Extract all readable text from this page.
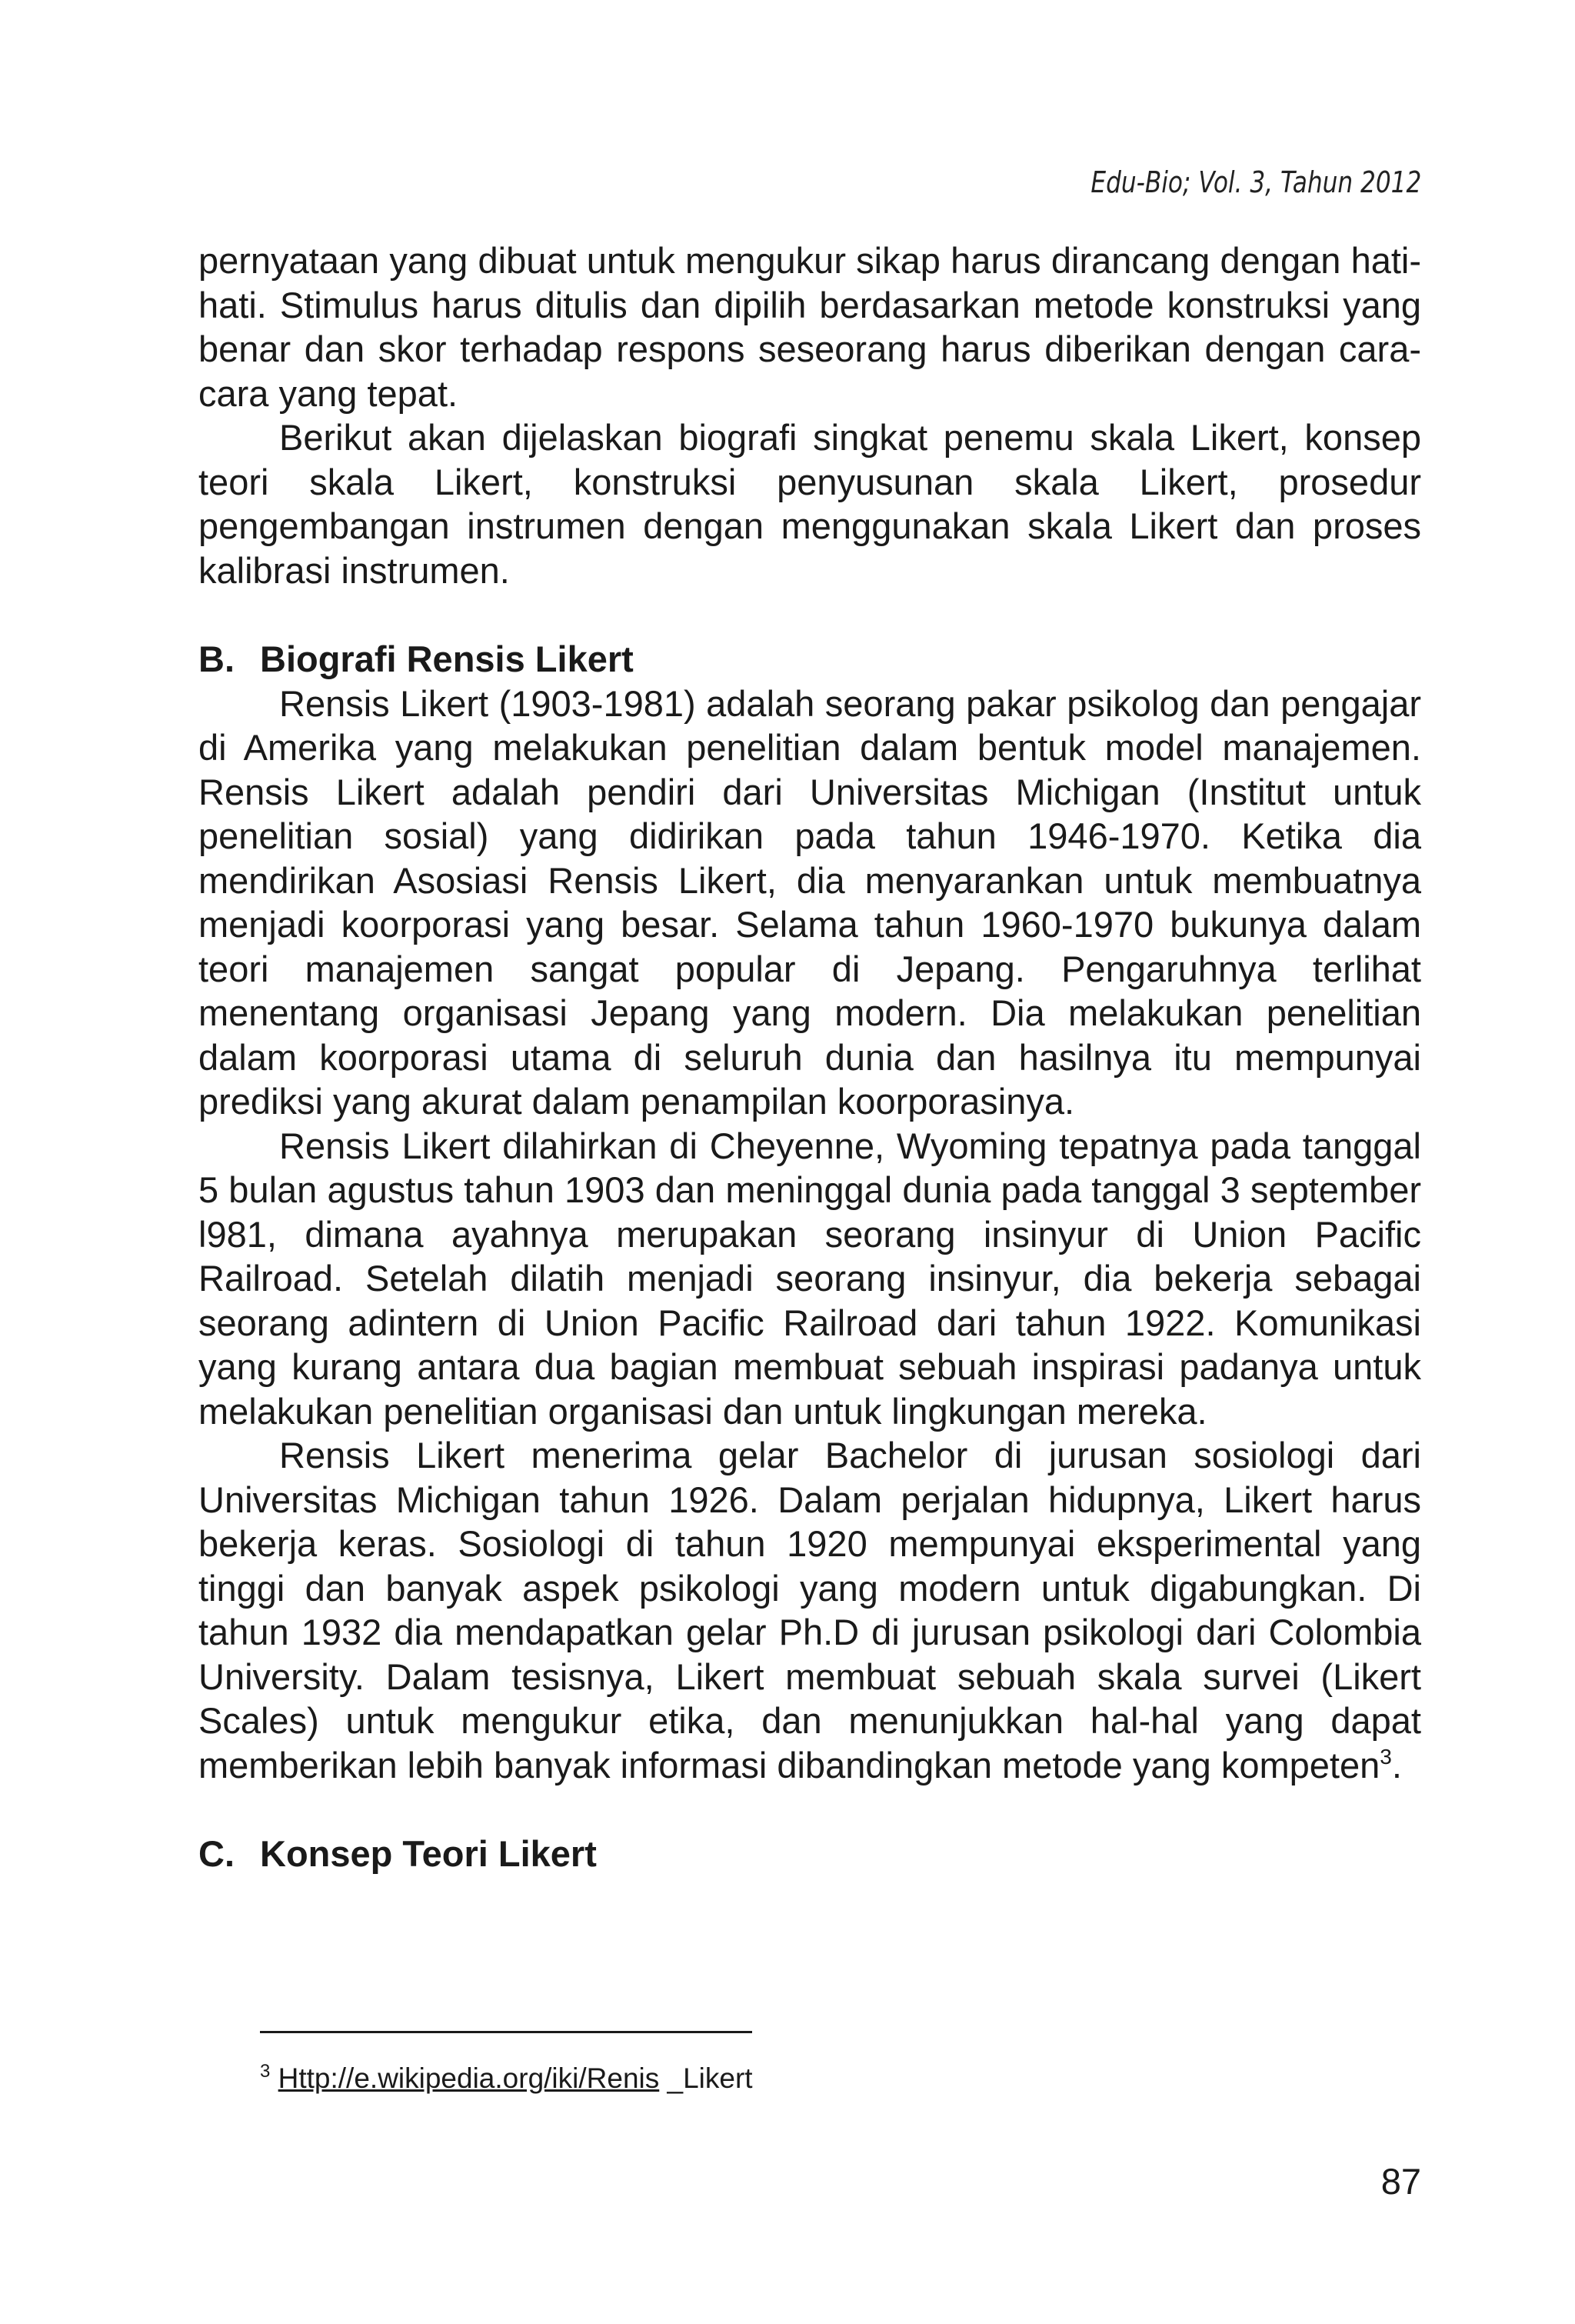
Edu-Bio; Vol. 3, Tahun 2012

pernyataan yang dibuat untuk mengukur sikap harus dirancang dengan hati-hati. Stimulus harus ditulis dan dipilih berdasarkan metode konstruksi yang benar dan skor terhadap respons seseorang harus diberikan dengan cara-cara yang tepat.

Berikut akan dijelaskan biografi singkat penemu skala Likert, konsep teori skala Likert, konstruksi penyusunan skala Likert, prosedur pengembangan instrumen dengan menggunakan skala Likert dan proses kalibrasi instrumen.

B. Biografi Rensis Likert

Rensis Likert (1903-1981) adalah seorang pakar psikolog dan pengajar di Amerika yang melakukan penelitian dalam bentuk model manajemen. Rensis Likert adalah pendiri dari Universitas Michigan (Institut untuk penelitian sosial) yang didirikan pada tahun 1946-1970. Ketika dia mendirikan Asosiasi Rensis Likert, dia menyarankan untuk membuatnya menjadi koorporasi yang besar. Selama tahun 1960-1970 bukunya dalam teori manajemen sangat popular di Jepang. Pengaruhnya terlihat menentang organisasi Jepang yang modern. Dia melakukan penelitian dalam koorporasi utama di seluruh dunia dan hasilnya itu mempunyai prediksi yang akurat dalam penampilan koorporasinya.

Rensis Likert dilahirkan di Cheyenne, Wyoming tepatnya pada tanggal 5 bulan agustus tahun 1903 dan meninggal dunia pada tanggal 3 september l981, dimana ayahnya merupakan seorang insinyur di Union Pacific Railroad. Setelah dilatih menjadi seorang insinyur, dia bekerja sebagai seorang adintern di Union Pacific Railroad dari tahun 1922. Komunikasi yang kurang antara dua bagian membuat sebuah inspirasi padanya untuk melakukan penelitian organisasi dan untuk lingkungan mereka.

Rensis Likert menerima gelar Bachelor di jurusan sosiologi dari Universitas Michigan tahun 1926. Dalam perjalan hidupnya, Likert harus bekerja keras. Sosiologi di tahun 1920 mempunyai eksperimental yang tinggi dan banyak aspek psikologi yang modern untuk digabungkan. Di tahun 1932 dia mendapatkan gelar Ph.D di jurusan psikologi dari Colombia University. Dalam tesisnya, Likert membuat sebuah skala survei (Likert Scales) untuk mengukur etika, dan menunjukkan hal-hal yang dapat memberikan lebih banyak informasi dibandingkan metode yang kompeten$^3$.

C. Konsep Teori Likert
$^3$ Http://e.wikipedia.org/iki/Renis _Likert
87
